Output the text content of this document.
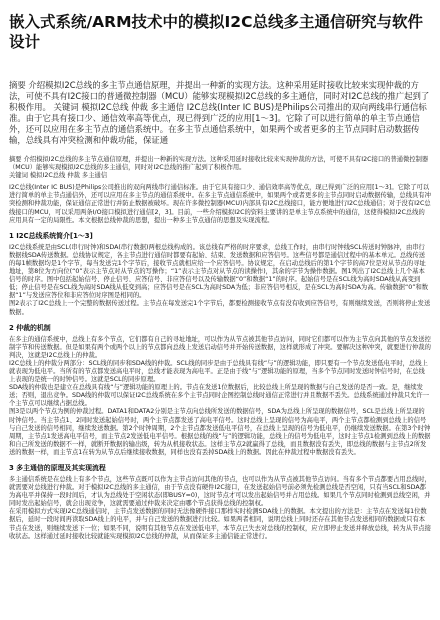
嵌入式系统/ARM技术中的模拟I2C总线多主通信研究与软件设计

摘要 介绍模拟I2C总线的多主节点通信原理，并提出一种新的实现方法。这种采用延时接收比较来实现仲裁的方法，可使不具有I2C接口的普通微控制器（MCU）能够实现模拟I2C总线的多主通信，同时对I2C总线的推广起到了积极作用。 关键词 模拟I2C总线 仲裁 多主通信 I2C总线(Inter IC BUS)是Philips公司推出的双向两线串行通信标准。由于它具有接口少、通信效率高等优点，现已得到广泛的应用[1～3]。它除了可以进行简单的单主节点通信外，还可以应用在多主节点的通信系统中。在多主节点通信系统中，如果两个或者更多的主节点同时启动数据传输，总线具有冲突检测和仲裁功能，保证通

摘要 介绍模拟I2C总线的多主节点通信原理，并提出一种新的实现方法。这种采用延时接收比较来实现仲裁的方法，可使不具有I2C接口的普通微控制器（MCU）能够实现模拟I2C总线的多主通信，同时对I2C总线的推广起到了积极作用。

关键词 模拟I2C总线 仲裁 多主通信

I2C总线(Inter IC BUS)是Philips公司推出的双向两线串行通信标准。由于它具有接口少、通信效率高等优点，现已得到广泛的应用[1～3]。它除了可以进行简单的单主节点通信外，还可以应用在多主节点的通信系统中。在多主节点通信系统中，如果两个或者更多的主节点同时启动数据传输，总线具有冲突检测和仲裁功能，保证通信正常进行并防止数据被破坏。现在许多微控制器(MCU)内部具有I2C总线接口，能方便地进行I2C总线通信；对于没有I2C总线接口的MCU，可以采用两条I/O接口模拟进行通信[2，3]。目前，一些介绍模拟I2C的资料主要讲的是单主节点系统中的通信，这使得模拟I2C总线的应用具有一定的局限性。本文根据总线仲裁的思想，提出一种多主节点通信的思想及实现流程。

1 I2C总线系统简介[1～3]

I2C总线系统是由SCL(串行时钟)和SDA(串行数据)两根总线构成的。该总线有严格的时序要求，总线工作时，由串行时钟线SCL传送时钟脉冲，由串行数据线SDA传送数据。总线协议规定，各主节点进行通信时都要有起始、结束、发送数据和应答信号。这些信号都是通信过程中的基本单元。总线传送的每1帧数据均是1个字节，每当发送完1个字节后，接收节点就相应给一个应答信号。协议规定，在启动总线后的第1个字节的高7位是对从节点的寻址地址，第8位为方向位(“0”表示主节点对从节点的写操作；“1”表示主节点对从节点的读操作)，其余的字节为操作数据。图1列出了I2C总线上几个基本信号的时序。图中包括起始信号、停止信号、应答信号、非应答信号以及传输数据“0”和数据“1”的时序。起始信号是在SCL线为高时SDA线从高变到低；停止信号是在SCL线为高时SDA线从低变到高；应答信号是在SCL为高时SDA为低；非应答信号相反，是在SCL为高时SDA为高。传输数据“0”和数据“1”与发送应答位和非应答位时序图是相同的。

图2表示了I2C总线上一个完整的数据传送过程。主节点在每发送完1个字节后，都要检测接收节点有没有收到应答信号，有则继续发送，否则将停止发送数据。

2 仲裁的机制

在多主的通信系统中，总线上有多个节点，它们都有自己的寻址地址，可以作为从节点被其他节点访问，同时它们都可以作为主节点向其他的节点发送控制字节和传送数据。但是如果有两个或两个以上的节点都向总线上发送启动信号并开始传送数据，这样就形成了冲突。要解决这种冲突，就要进行仲裁的判决，这就是I2C总线上的仲裁。

I2C总线上的仲裁分两部分：SCL线的同步和SDA线的仲裁。SCL线的同步是由于总线具有线“与”的逻辑功能，即只要有一个节点发送低电平时，总线上就表现为低电平。当所有的节点都发送高电平时，总线才能表现为高电平。正是由于线“与”逻辑功能的原理，当多个节点同时发送时钟信号时，在总线上表现的是统一的时钟信号。这就是SCL的同步原理。

SDA线的仲裁也是建立在总线具有线“与”逻辑功能的原理上的。节点在发送1位数据后，比较总线上所呈现的数据与自己发送的是否一致。是，继续发送；否则，退出竞争。SDA线的仲裁可以保证I2C总线系统在多个主节点同时企图控制总线时通信正常进行并且数据不丢失。总线系统通过仲裁只允许一个主节点可以继续占据总线。

图3是以两个节点为例的仲裁过程。DATA1和DATA2分别是主节点向总线所发送的数据信号，SDA为总线上所呈现的数据信号，SCL是总线上所呈现的时钟信号。当主节点1、2同时发送起始信号时，两个主节点都发送了高电平信号。这时总线上呈现的信号为高电平，两个主节点都检测到总线上的信号与自己发送的信号相同，继续发送数据。第2个时钟周期，2个主节点都发送低电平信号，在总线上呈现的信号为低电平，仍继续发送数据。在第3个时钟周期，主节点1发送高电平信号，而主节点2发送低电平信号。根据总线的线“与”的逻辑功能，总线上的信号为低电平，这时主节点1检测到总线上的数据和自己所发送的数据不一样，就断开数据的输出级，转为从机接收状态。这样主节点2就赢得了总线，而且数据没有丢失，即总线的数据与主节点2所发送的数据一样，而主节点1在转为从节点后继续接收数据，同样也没有丢掉SDA线上的数据。因此在仲裁过程中数据没有丢失。

3 多主通信的原理及其实现流程

多主通信系统是在总线上有多个节点，这些节点既可以作为主节点访问其他的节点，也可以作为从节点被其他节点访问。当有多个节点都要占用总线时，就需要对总线进行仲裁。对于模拟I2C总线的多主通信，由于节点没有硬件I2C接口，在发送起始信号前必须先检测总线是否空闲，只有当SCL和SDA都为高电平并保持一段时间后，才认为总线处于空闲状态(即BUSY=0)，这时节点才可以发出起始信号并占用总线。如果几个节点同时检测到总线空闲，并同时发出起始信号，就会出现竞争，这就需要通过仲裁来决定由哪个节点获得总线的控制权。

在采用模拟方式实现I2C总线通信时，主节点发送数据的同时无法像硬件接口那样实时检测SDA线上的数据。本文提出的方法是：主节点在发送每1位数据后，延时一段时间再读取SDA线上的电平，并与自己发送的数据进行比较。如果两者相同，说明总线上同时还存在其他节点发送相同的数据或只有本节点在发送，则继续发送下一位；如果不同，说明有其他节点在发送低电平，本节点已失去对总线的控制权，应立即停止发送并释放总线，转为从节点接收状态。这样通过延时接收比较就能实现模拟I2C总线的仲裁，从而保证多主通信能正常进行。
